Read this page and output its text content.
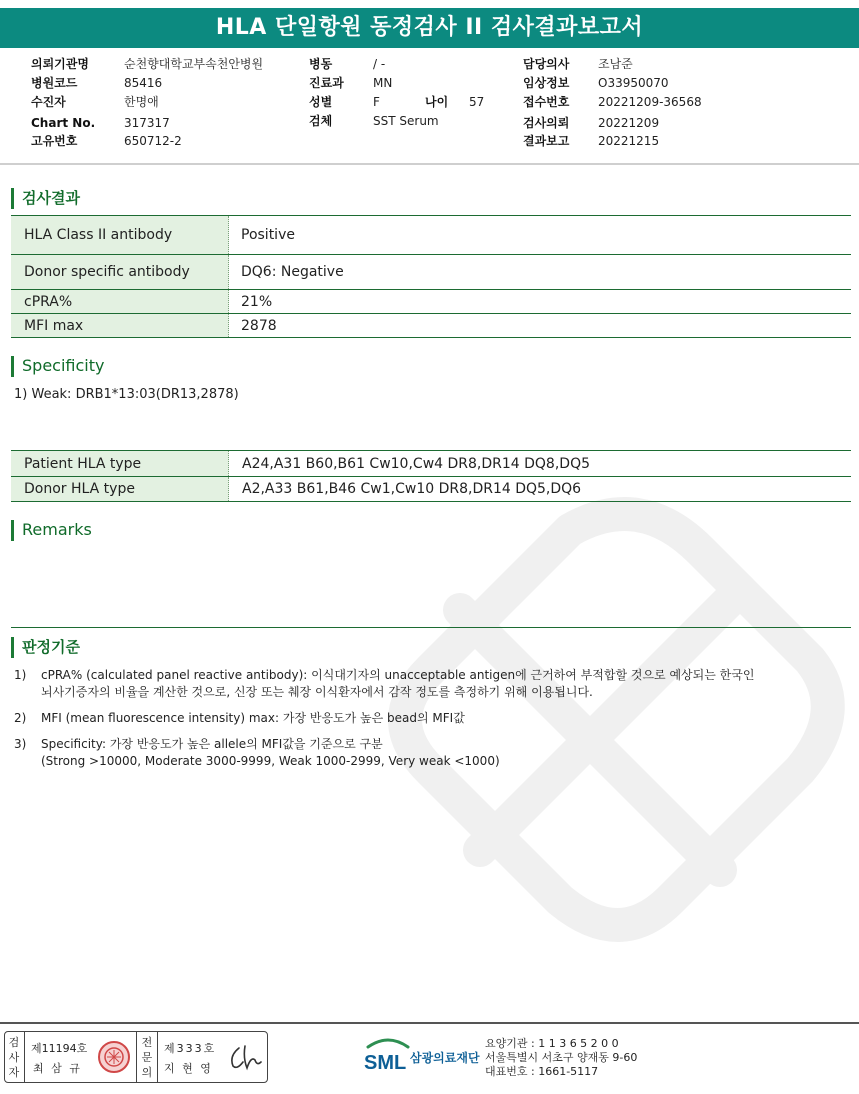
HLA 단일항원 동정검사 II 검사결과보고서
의뢰기관명	순천향대학교부속천안병원
병원코드	85416
수진자	한명애
Chart No. 317317
고유번호	650712-2
병동	/ -
진료과 MN
성별	F	나이 57
검체	SST Serum
담당의사 조남준
임상정보 O33950070
접수번호 20221209-36568
검사의뢰 20221209
결과보고 20221215
검사결과
HLA Class II antibody	Positive
Donor specific antibody	DQ6: Negative
cPRA%	21%
MFI max	2878
Specificity
1) Weak: DRB1*13:03(DR13,2878)
Patient HLA type	A24,A31 B60,B61 Cw10,Cw4 DR8,DR14 DQ8,DQ5
Donor HLA type	A2,A33 B61,B46 Cw1,Cw10 DR8,DR14 DQ5,DQ6
Remarks
판정기준
1) cPRA% (calculated panel reactive antibody): 이식대기자의 unacceptable antigen에 근거하여 부적합할 것으로 예상되는 한국인
뇌사기증자의 비율을 계산한 것으로, 신장 또는 췌장 이식환자에서 감작 정도를 측정하기 위해 이용됩니다.
2) MFI (mean fluorescence intensity) max: 가장 반응도가 높은 bead의 MFI값
3) Specificity: 가장 반응도가 높은 allele의 MFI값을 기준으로 구분
(Strong >10000, Moderate 3000-9999, Weak 1000-2999, Very weak <1000)
검
사
자
제11194호
최 삼 규
전
문
의
제333호
지 현 영	SML 삼광의료재단
요양기관 : 1 1 3 6 5 2 0 0
서울특별시 서초구 양재동 9-60
대표번호 : 1661-5117
